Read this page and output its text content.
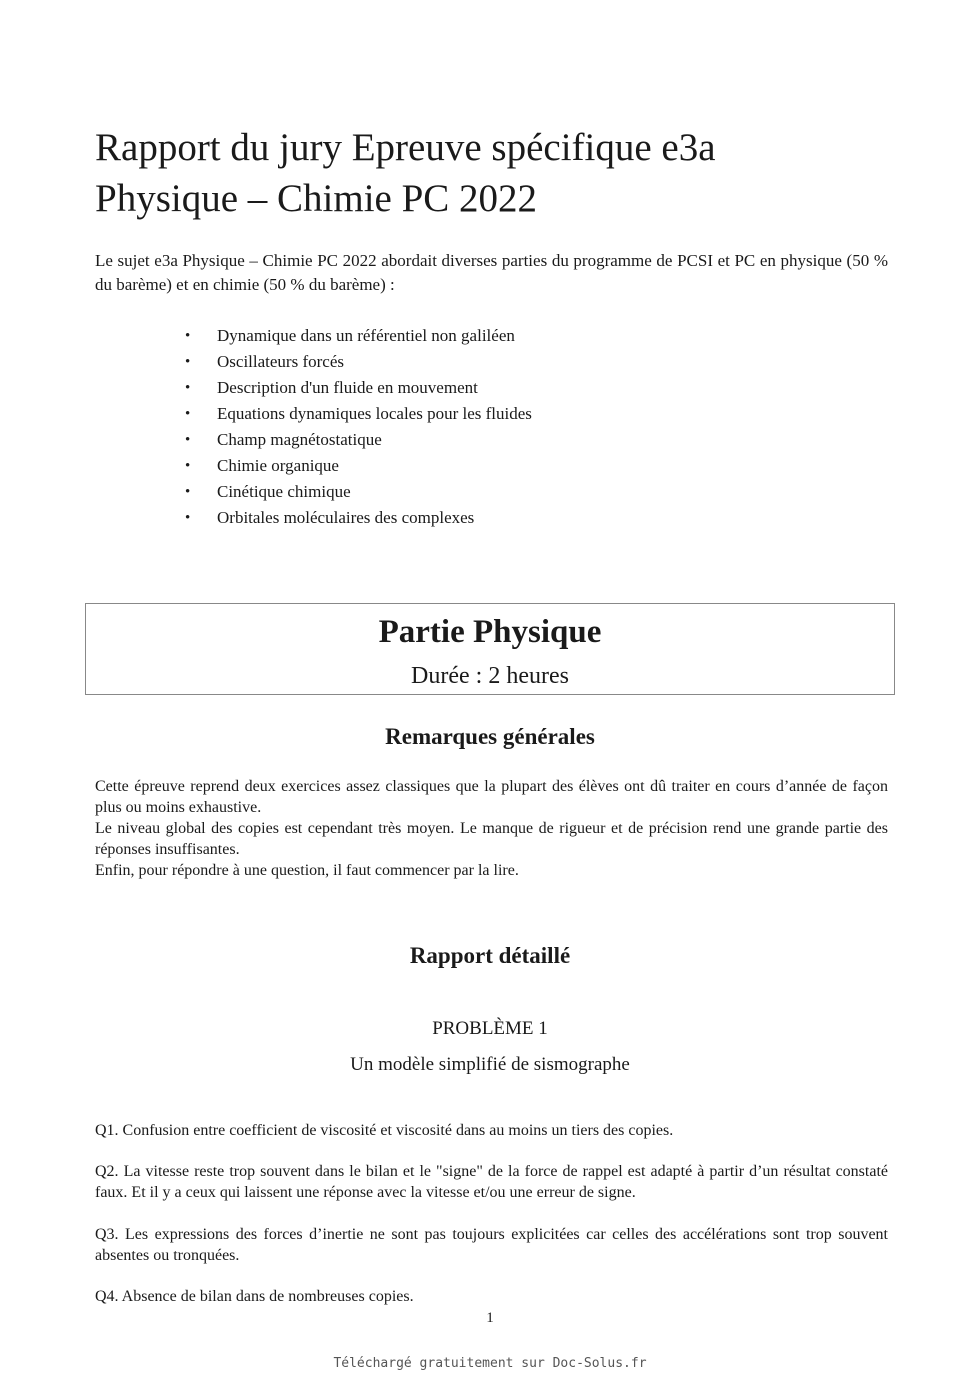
Rapport du jury Epreuve spécifique e3a
Physique – Chimie PC 2022

Le sujet e3a Physique – Chimie PC 2022 abordait diverses parties du programme de PCSI et PC en physique (50 % du barème) et en chimie (50 % du barème) :

• Dynamique dans un référentiel non galiléen
• Oscillateurs forcés
• Description d'un fluide en mouvement
• Equations dynamiques locales pour les fluides
• Champ magnétostatique
• Chimie organique
• Cinétique chimique
• Orbitales moléculaires des complexes

Partie Physique

Durée : 2 heures

Remarques générales

Cette épreuve reprend deux exercices assez classiques que la plupart des élèves ont dû traiter en cours d’année de façon plus ou moins exhaustive.

Le niveau global des copies est cependant très moyen. Le manque de rigueur et de précision rend une grande partie des réponses insuffisantes.

Enfin, pour répondre à une question, il faut commencer par la lire.

Rapport détaillé

PROBLÈME 1

Un modèle simplifié de sismographe

Q1. Confusion entre coefficient de viscosité et viscosité dans au moins un tiers des copies.

Q2. La vitesse reste trop souvent dans le bilan et le "signe" de la force de rappel est adapté à partir d’un résultat constaté faux. Et il y a ceux qui laissent une réponse avec la vitesse et/ou une erreur de signe.

Q3. Les expressions des forces d’inertie ne sont pas toujours explicitées car celles des accélérations sont trop souvent absentes ou tronquées.

Q4. Absence de bilan dans de nombreuses copies.

1

Téléchargé gratuitement sur Doc-Solus.fr
